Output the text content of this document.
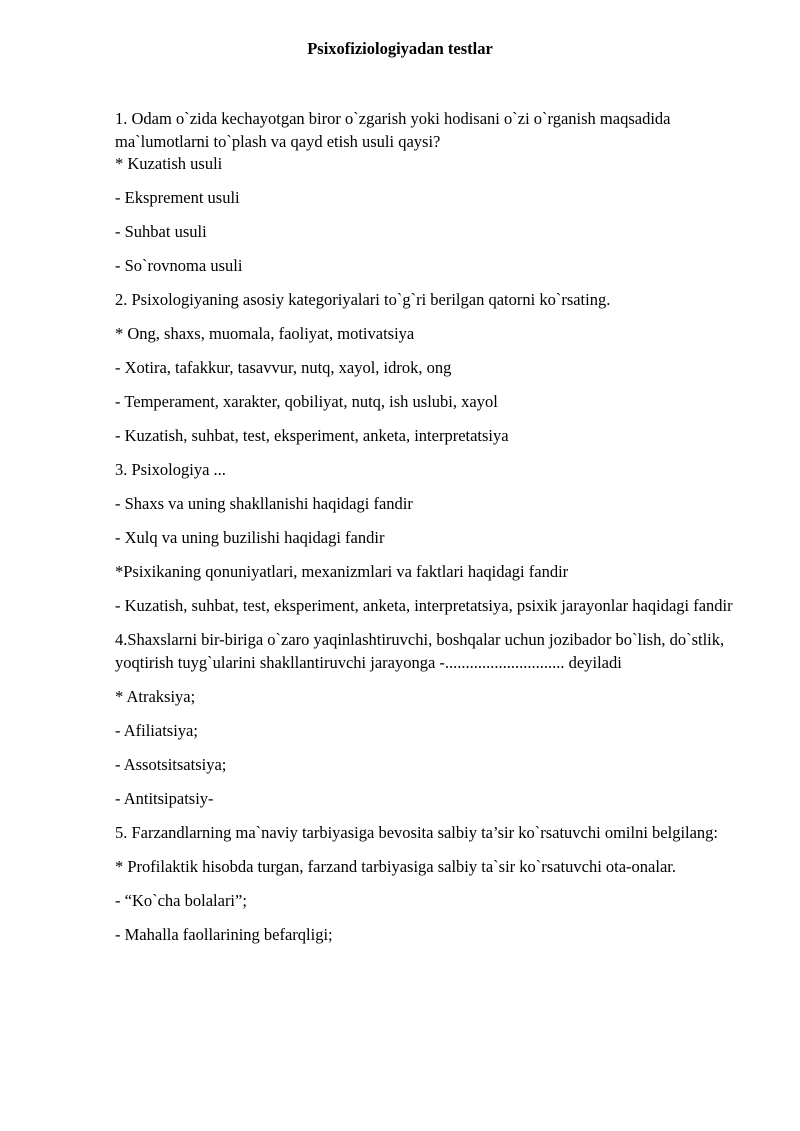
Psixofiziologiyadan testlar

1. Odam o`zida kechayotgan biror o`zgarish yoki hodisani o`zi o`rganish maqsadida ma`lumotlarni to`plash va qayd etish usuli qaysi?

* Kuzatish usuli

- Ekspremеnt usuli

- Suhbat usuli

- So`rovnoma usuli

2. Psixologiyaning asosiy kategoriyalari to`g`ri berilgan qatorni ko`rsating.

* Ong, shaxs, muomala, faoliyat, motivatsiya

- Xotira, tafakkur, tasavvur, nutq, xayol, idrok, ong

- Temperament, xarakter, qobiliyat, nutq, ish uslubi, xayol

- Kuzatish, suhbat, test, eksperiment, anketa, interpretatsiya

3. Psixologiya ...

- Shaxs va uning shakllanishi haqidagi fandir

- Xulq va uning buzilishi haqidagi fandir

*Psixikaning qonuniyatlari, mexanizmlari va faktlari haqidagi fandir

- Kuzatish, suhbat, test, eksperiment, anketa, interpretatsiya, psixik jarayonlar haqidagi fandir

4.Shaxslarni bir-biriga o`zaro yaqinlashtiruvchi, boshqalar uchun jozibador bo`lish, do`stlik, yoqtirish tuyg`ularini shakllantiruvchi jarayonga -............................. deyiladi

* Atraksiya;

- Afiliatsiya;

- Assotsitsatsiya;

- Antitsipatsiy-

5. Farzandlarning ma`naviy tarbiyasiga bevosita salbiy ta’sir ko`rsatuvchi omilni belgilang:

* Profilaktik hisobda turgan, farzand tarbiyasiga salbiy ta`sir ko`rsatuvchi ota-onalar.

- “Ko`cha bolalari”;

- Mahalla faollarining befarqligi;
